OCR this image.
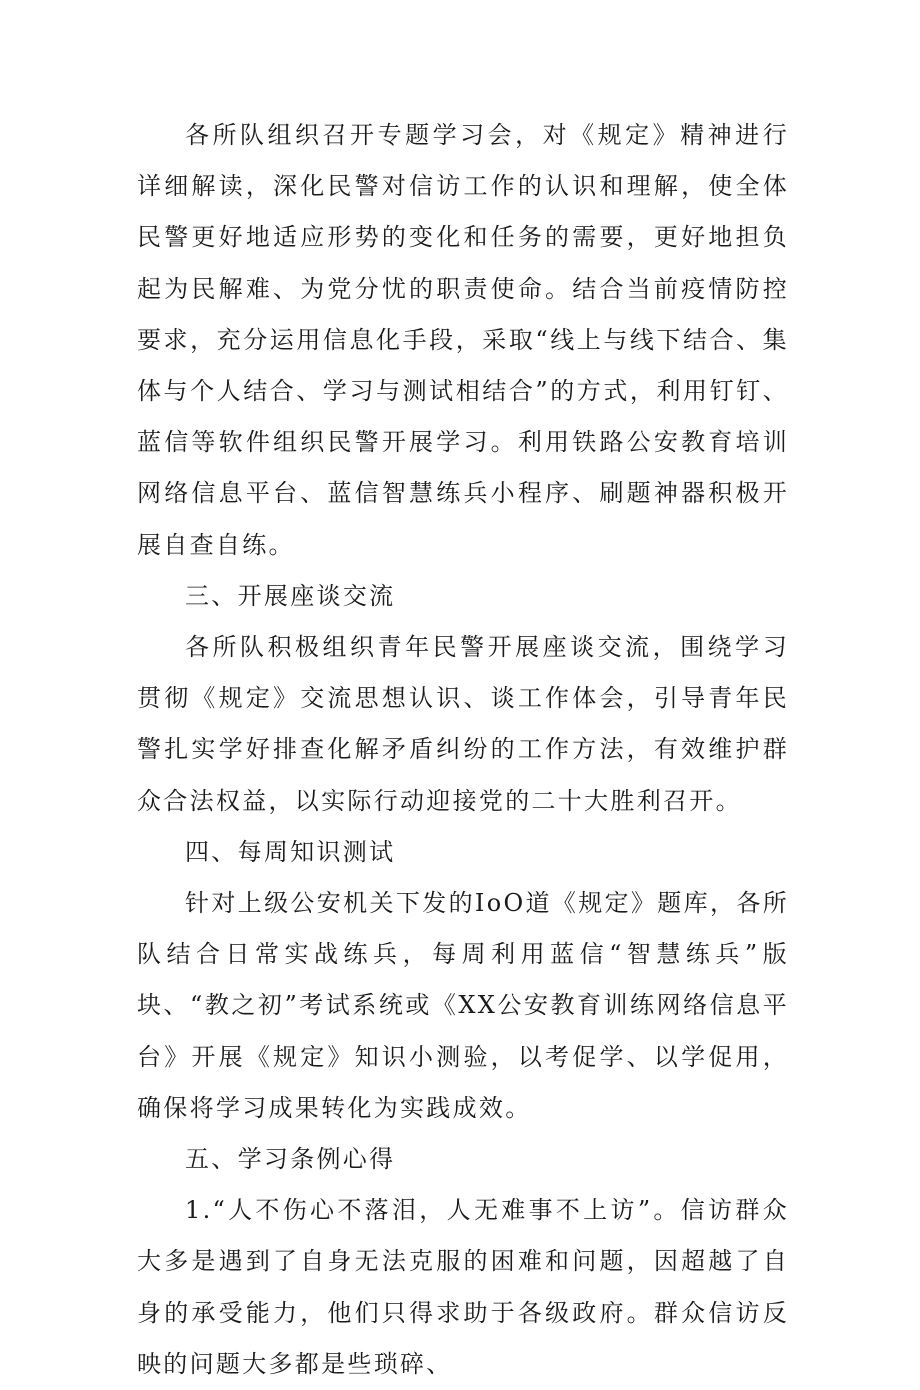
各所队组织召开专题学习会，对《规定》精神进行详细解读，深化民警对信访工作的认识和理解，使全体民警更好地适应形势的变化和任务的需要，更好地担负起为民解难、为党分忧的职责使命。结合当前疫情防控要求，充分运用信息化手段，采取“线上与线下结合、集体与个人结合、学习与测试相结合”的方式，利用钉钉、蓝信等软件组织民警开展学习。利用铁路公安教育培训网络信息平台、蓝信智慧练兵小程序、刷题神器积极开展自查自练。

三、开展座谈交流

各所队积极组织青年民警开展座谈交流，围绕学习贯彻《规定》交流思想认识、谈工作体会，引导青年民警扎实学好排查化解矛盾纠纷的工作方法，有效维护群众合法权益，以实际行动迎接党的二十大胜利召开。

四、每周知识测试

针对上级公安机关下发的IoO道《规定》题库，各所队结合日常实战练兵，每周利用蓝信“智慧练兵”版块、“教之初”考试系统或《XX公安教育训练网络信息平台》开展《规定》知识小测验，以考促学、以学促用，确保将学习成果转化为实践成效。

五、学习条例心得

1.“人不伤心不落泪，人无难事不上访”。信访群众大多是遇到了自身无法克服的困难和问题，因超越了自身的承受能力，他们只得求助于各级政府。群众信访反映的问题大多都是些琐碎、
